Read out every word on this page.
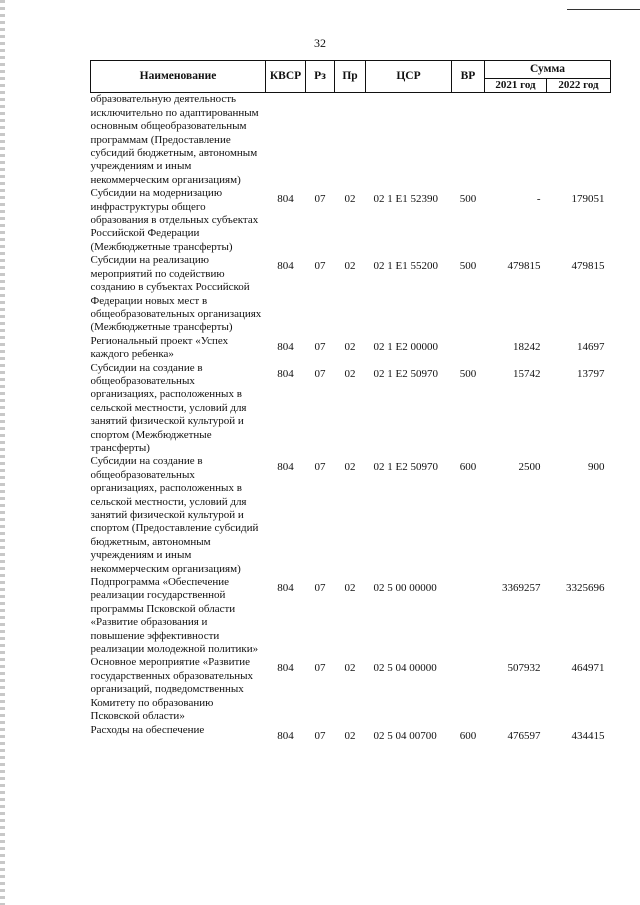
32
Наименование	КВСР	Рз	Пр	ЦСР	ВР	Сумма	
						2021 год	2022 год
образовательную деятельность исключительно по адаптированным основным общеобразовательным программам (Предоставление субсидий бюджетным, автономным учреждениям и иным некоммерческим организациям)							
Субсидии на модернизацию инфраструктуры общего образования в отдельных субъектах Российской Федерации (Межбюджетные трансферты)	804	07	02	02 1 E1 52390	500	-	179051
Субсидии на реализацию мероприятий по содействию созданию в субъектах Российской Федерации новых мест в общеобразовательных организациях (Межбюджетные трансферты)	804	07	02	02 1 E1 55200	500	479815	479815
Региональный проект «Успех каждого ребенка»	804	07	02	02 1 E2 00000		18242	14697
Субсидии на создание в общеобразовательных организациях, расположенных в сельской местности, условий для занятий физической культурой и спортом (Межбюджетные трансферты)	804	07	02	02 1 E2 50970	500	15742	13797
Субсидии на создание в общеобразовательных организациях, расположенных в сельской местности, условий для занятий физической культурой и спортом (Предоставление субсидий бюджетным, автономным учреждениям и иным некоммерческим организациям)	804	07	02	02 1 E2 50970	600	2500	900
Подпрограмма «Обеспечение реализации государственной программы Псковской области «Развитие образования и повышение эффективности реализации молодежной политики»	804	07	02	02 5 00 00000		3369257	3325696
Основное мероприятие «Развитие государственных образовательных организаций, подведомственных Комитету по образованию Псковской области»	804	07	02	02 5 04 00000		507932	464971
Расходы на обеспечение	804	07	02	02 5 04 00700	600	476597	434415
